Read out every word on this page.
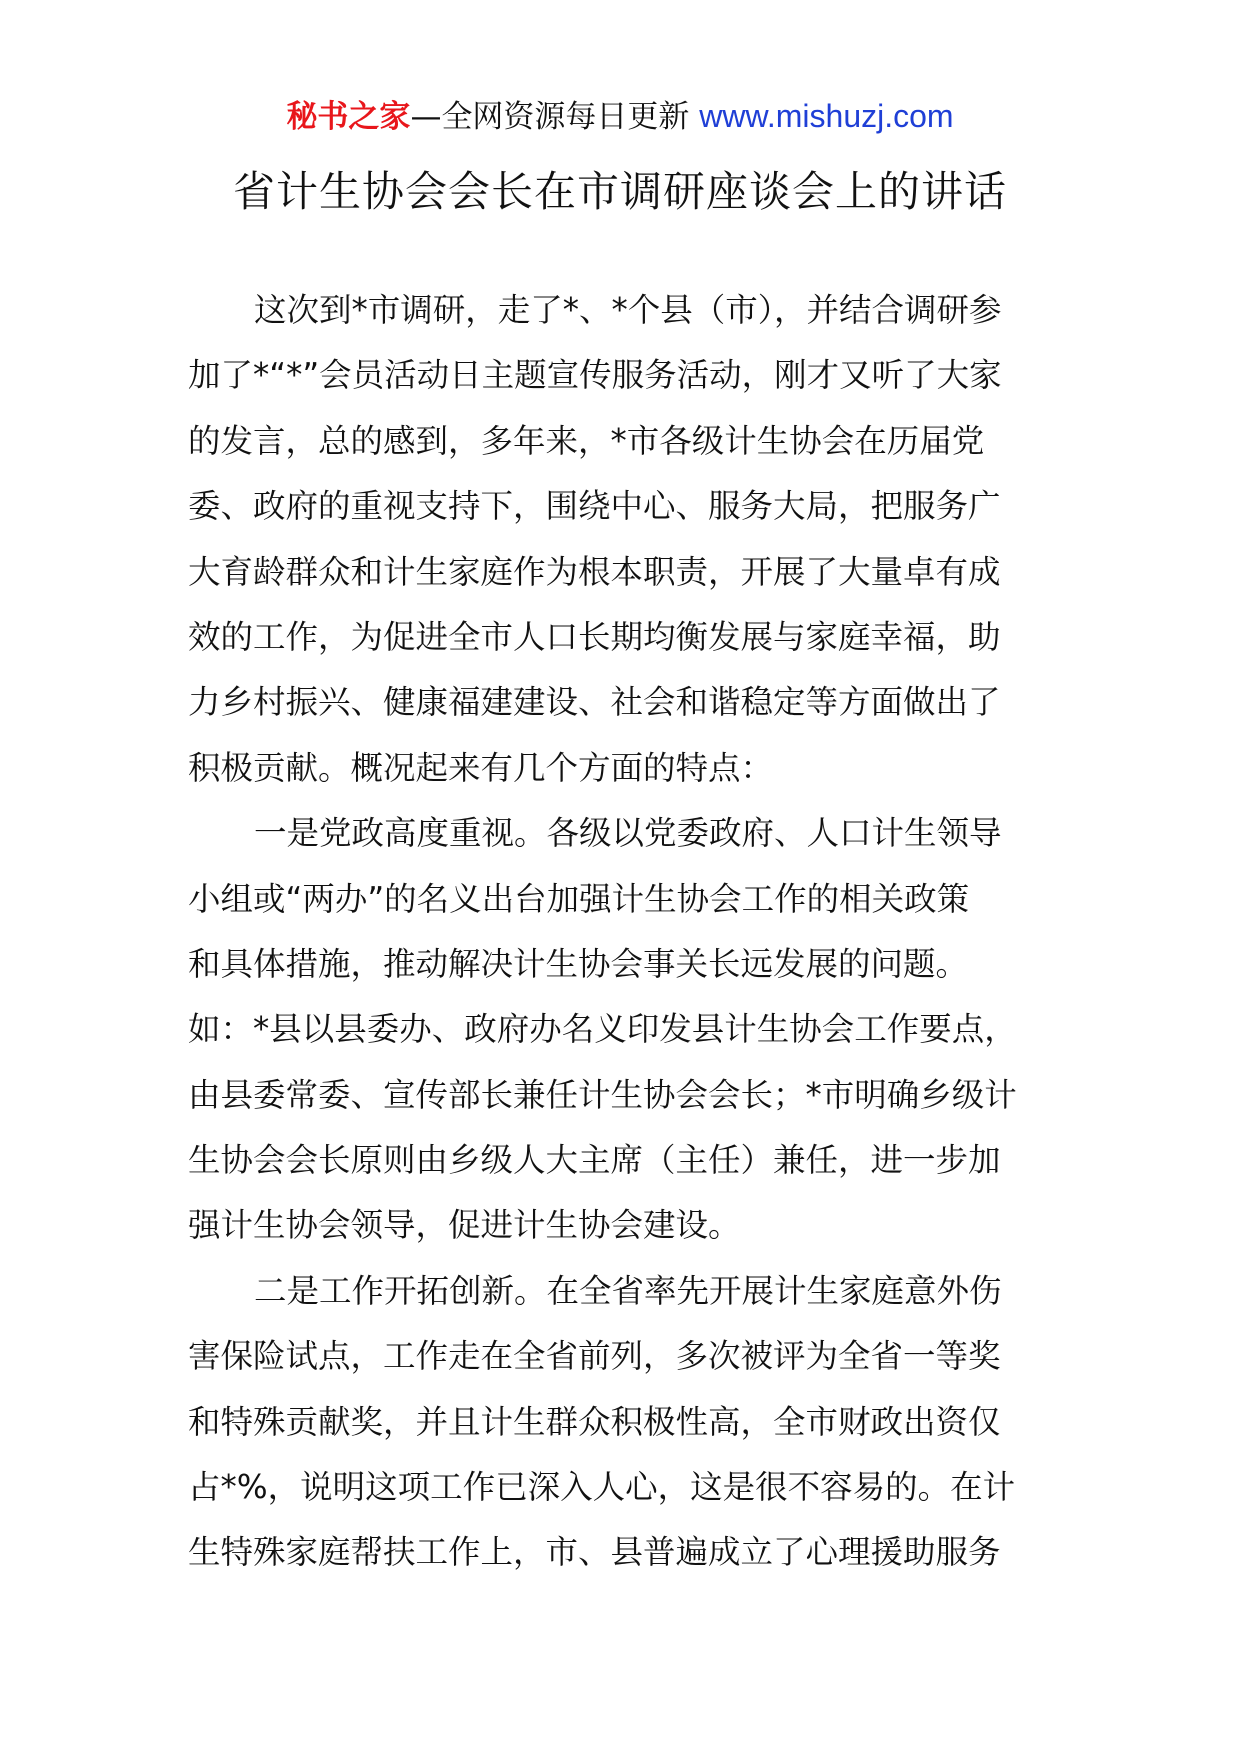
秘书之家—全网资源每日更新 www.mishuzj.com
省计生协会会长在市调研座谈会上的讲话
这次到*市调研，走了*、*个县（市），并结合调研参
加了*“*”会员活动日主题宣传服务活动，刚才又听了大家
的发言，总的感到，多年来，*市各级计生协会在历届党
委、政府的重视支持下，围绕中心、服务大局，把服务广
大育龄群众和计生家庭作为根本职责，开展了大量卓有成
效的工作，为促进全市人口长期均衡发展与家庭幸福，助
力乡村振兴、健康福建建设、社会和谐稳定等方面做出了
积极贡献。概况起来有几个方面的特点：
一是党政高度重视。各级以党委政府、人口计生领导
小组或“两办”的名义出台加强计生协会工作的相关政策
和具体措施，推动解决计生协会事关长远发展的问题。
如：*县以县委办、政府办名义印发县计生协会工作要点，
由县委常委、宣传部长兼任计生协会会长；*市明确乡级计
生协会会长原则由乡级人大主席（主任）兼任，进一步加
强计生协会领导，促进计生协会建设。
二是工作开拓创新。在全省率先开展计生家庭意外伤
害保险试点，工作走在全省前列，多次被评为全省一等奖
和特殊贡献奖，并且计生群众积极性高，全市财政出资仅
占*%，说明这项工作已深入人心，这是很不容易的。在计
生特殊家庭帮扶工作上，市、县普遍成立了心理援助服务
